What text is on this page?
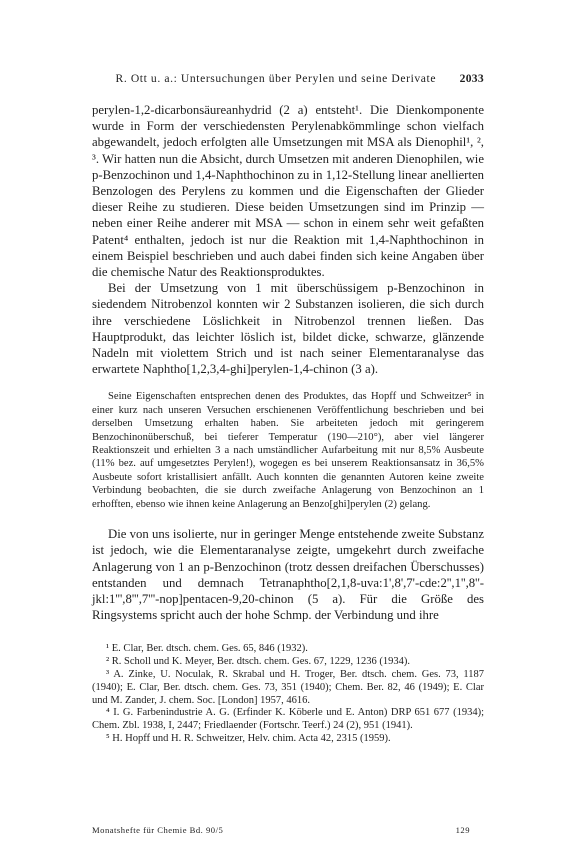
R. Ott u. a.: Untersuchungen über Perylen und seine Derivate	2033

perylen-1,2-dicarbonsäureanhydrid (2 a) entsteht¹. Die Dienkomponente wurde in Form der verschiedensten Perylenabkömmlinge schon vielfach abgewandelt, jedoch erfolgten alle Umsetzungen mit MSA als Dienophil¹, ², ³. Wir hatten nun die Absicht, durch Umsetzen mit anderen Dienophilen, wie p-Benzochinon und 1,4-Naphthochinon zu in 1,12-Stellung linear anellierten Benzologen des Perylens zu kommen und die Eigenschaften der Glieder dieser Reihe zu studieren. Diese beiden Umsetzungen sind im Prinzip — neben einer Reihe anderer mit MSA — schon in einem sehr weit gefaßten Patent⁴ enthalten, jedoch ist nur die Reaktion mit 1,4-Naphthochinon in einem Beispiel beschrieben und auch dabei finden sich keine Angaben über die chemische Natur des Reaktionsproduktes.

Bei der Umsetzung von 1 mit überschüssigem p-Benzochinon in siedendem Nitrobenzol konnten wir 2 Substanzen isolieren, die sich durch ihre verschiedene Löslichkeit in Nitrobenzol trennen ließen. Das Hauptprodukt, das leichter löslich ist, bildet dicke, schwarze, glänzende Nadeln mit violettem Strich und ist nach seiner Elementaranalyse das erwartete Naphtho[1,2,3,4-ghi]perylen-1,4-chinon (3 a).

Seine Eigenschaften entsprechen denen des Produktes, das Hopff und Schweitzer⁵ in einer kurz nach unseren Versuchen erschienenen Veröffentlichung beschrieben und bei derselben Umsetzung erhalten haben. Sie arbeiteten jedoch mit geringerem Benzochinonüberschuß, bei tieferer Temperatur (190—210°), aber viel längerer Reaktionszeit und erhielten 3 a nach umständlicher Aufarbeitung mit nur 8,5% Ausbeute (11% bez. auf umgesetztes Perylen!), wogegen es bei unserem Reaktionsansatz in 36,5% Ausbeute sofort kristallisiert anfällt. Auch konnten die genannten Autoren keine zweite Verbindung beobachten, die sie durch zweifache Anlagerung von Benzochinon an 1 erhofften, ebenso wie ihnen keine Anlagerung an Benzo[ghi]perylen (2) gelang.

Die von uns isolierte, nur in geringer Menge entstehende zweite Substanz ist jedoch, wie die Elementaranalyse zeigte, umgekehrt durch zweifache Anlagerung von 1 an p-Benzochinon (trotz dessen dreifachen Überschusses) entstanden und demnach Tetranaphtho[2,1,8-uva:1',8',7'-cde:2'',1'',8''-jkl:1''',8''',7'''-nop]pentacen-9,20-chinon (5 a). Für die Größe des Ringsystems spricht auch der hohe Schmp. der Verbindung und ihre

¹ E. Clar, Ber. dtsch. chem. Ges. 65, 846 (1932).

² R. Scholl und K. Meyer, Ber. dtsch. chem. Ges. 67, 1229, 1236 (1934).

³ A. Zinke, U. Noculak, R. Skrabal und H. Troger, Ber. dtsch. chem. Ges. 73, 1187 (1940); E. Clar, Ber. dtsch. chem. Ges. 73, 351 (1940); Chem. Ber. 82, 46 (1949); E. Clar und M. Zander, J. chem. Soc. [London] 1957, 4616.

⁴ I. G. Farbenindustrie A. G. (Erfinder K. Köberle und E. Anton) DRP 651 677 (1934); Chem. Zbl. 1938, I, 2447; Friedlaender (Fortschr. Teerf.) 24 (2), 951 (1941).

⁵ H. Hopff und H. R. Schweitzer, Helv. chim. Acta 42, 2315 (1959).

Monatshefte für Chemie Bd. 90/5	129
